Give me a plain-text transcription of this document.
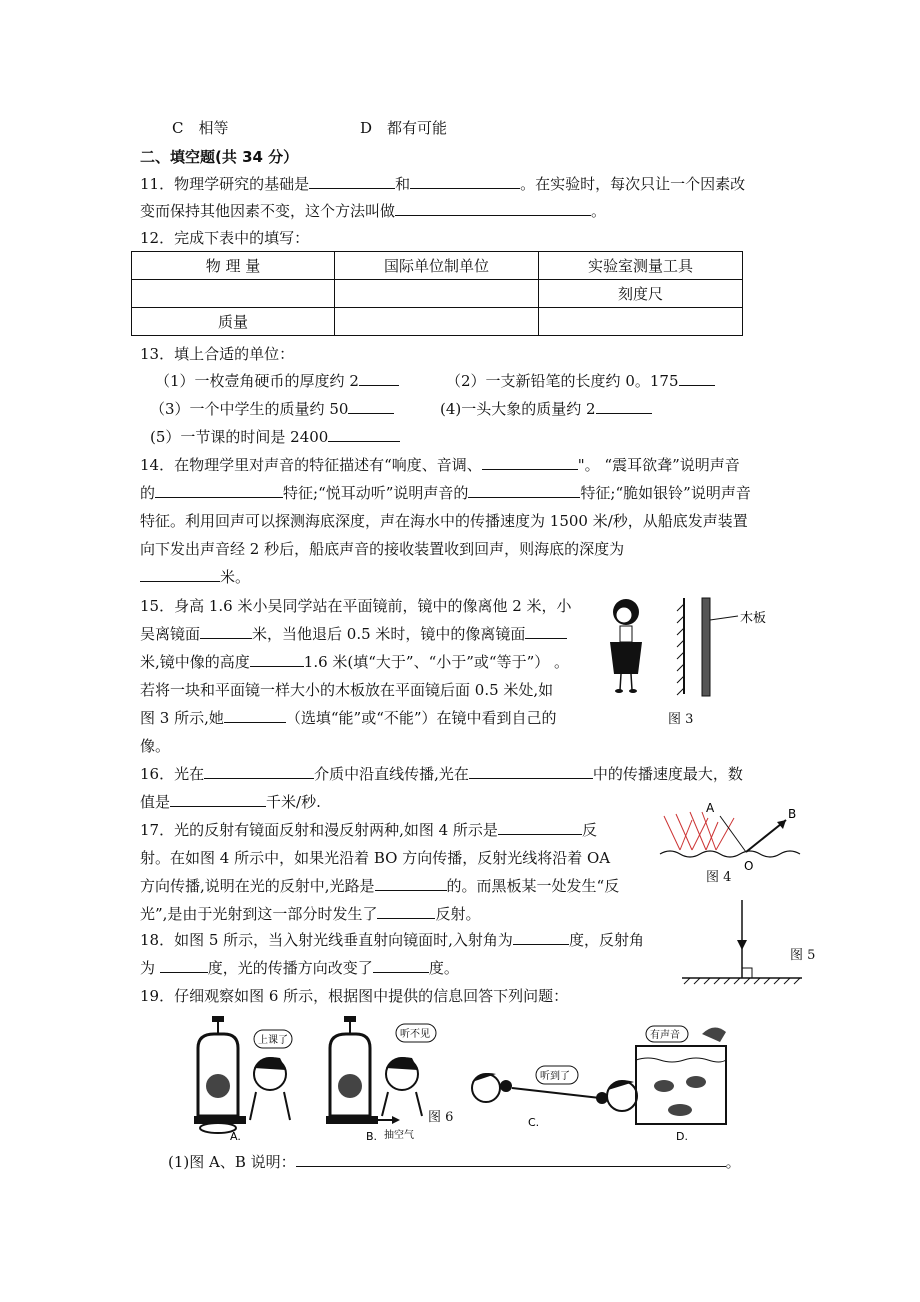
C　相等	D　都有可能
二、填空题(共 34 分）
11．物理学研究的基础是	和	。在实验时，每次只让一个因素改
变而保持其他因素不变，这个方法叫做	。
12．完成下表中的填写：
物 理 量	国际单位制单位	实验室测量工具
		刻度尺
质量		
13．填上合适的单位：
（1）一枚壹角硬币的厚度约 2	（2）一支新铅笔的长度约 0。175
（3）一个中学生的质量约 50	(4)一头大象的质量约 2
(5）一节课的时间是 2400
14．在物理学里对声音的特征描述有“响度、音调、	"。 “震耳欲聋”说明声音
的	特征;“悦耳动听”说明声音的	特征;“脆如银铃”说明声音
特征。利用回声可以探测海底深度，声在海水中的传播速度为 1500 米/秒，从船底发声装置
向下发出声音经 2 秒后，船底声音的接收装置收到回声，则海底的深度为
米。
15．身高 1.6 米小吴同学站在平面镜前，镜中的像离他 2 米，小
吴离镜面	米，当他退后 0.5 米时，镜中的像离镜面
米,镜中像的高度	1.6 米(填“大于”、“小于”或“等于”） 。
若将一块和平面镜一样大小的木板放在平面镜后面 0.5 米处,如
图 3 所示,她	（选填“能”或“不能”）在镜中看到自己的
像。
木板
图 3
16．光在	介质中沿直线传播,光在	中的传播速度最大，数
值是	千米/秒.
17．光的反射有镜面反射和漫反射两种,如图 4 所示是	反
射。在如图 4 所示中，如果光沿着 BO 方向传播，反射光线将沿着 OA
方向传播,说明在光的反射中,光路是	的。而黑板某一处发生“反
光”,是由于光射到这一部分时发生了	反射。
A	B
O
图 4
18．如图 5 所示，当入射光线垂直射向镜面时,入射角为	度，反射角
为	度，光的传播方向改变了	度。
图 5
19．仔细观察如图 6 所示，根据图中提供的信息回答下列问题：
上课了
A.	抽空气
听不见
B.
听到了
C.
有声音
D.
图 6
(1)图 A、B 说明：	。
